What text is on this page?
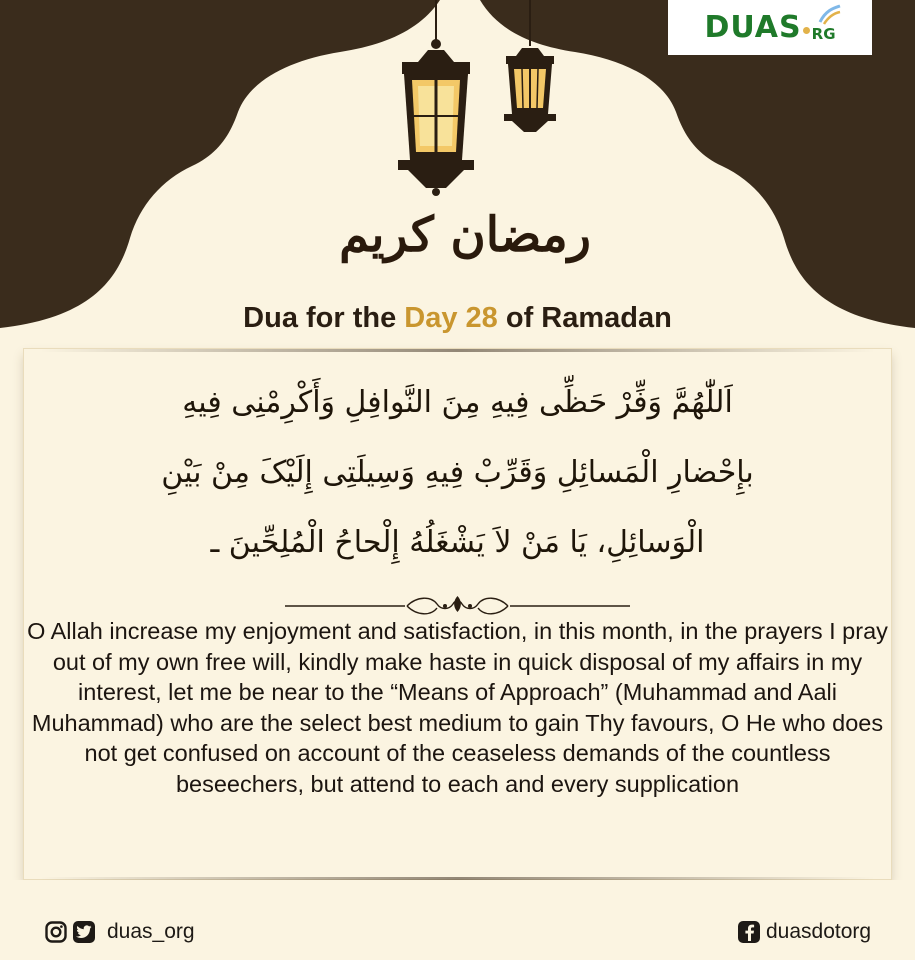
DUAS RG
رمضان کریم
Dua for the Day 28 of Ramadan
اَللّٰهُمَّ وَفِّرْ حَظِّی فِیهِ مِنَ النَّوافِلِ وَأَکْرِمْنِی فِیهِ
بإِحْضارِ الْمَسائِلِ وَقَرِّبْ فِیهِ وَسِیلَتِی إِلَیْکَ مِنْ بَیْنِ
الْوَسائِلِ، یَا مَنْ لاَ یَشْغَلُهُ إِلْحاحُ الْمُلِحِّینَ ـ

O Allah increase my enjoyment and satisfaction, in this month, in the prayers I pray out of my own free will, kindly make haste in quick disposal of my affairs in my interest, let me be near to the “Means of Approach” (Muhammad and Aali Muhammad) who are the select best medium to gain Thy favours, O He who does not get confused on account of the ceaseless demands of the countless beseechers, but attend to each and every supplication

duas_org	duasdotorg
